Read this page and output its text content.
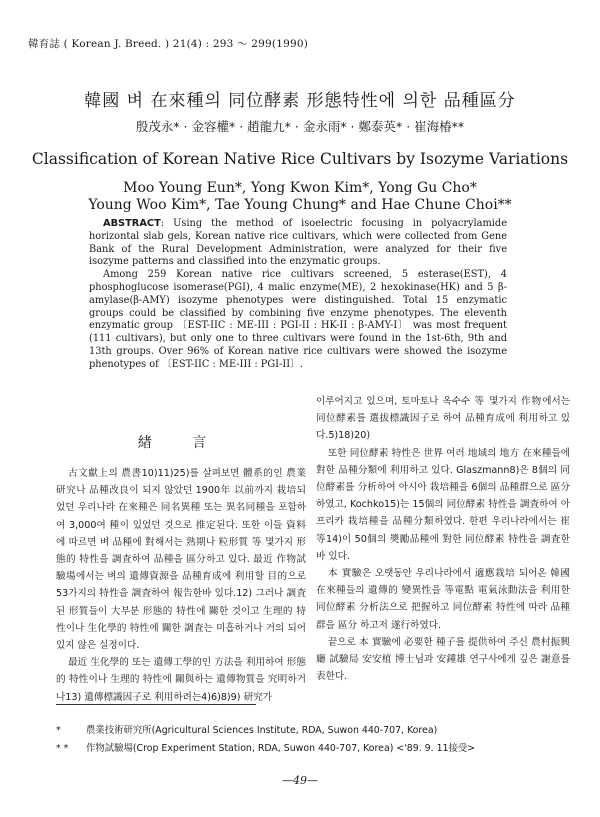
韓育誌 ( Korean J. Breed. ) 21(4) : 293 ～ 299(1990)
韓國 벼 在來種의 同位酵素 形態特性에 의한 品種區分
殷茂永* · 金容權* · 趙龍九* · 金永雨* · 鄭泰英* · 崔海椿**
Classification of Korean Native Rice Cultivars by Isozyme Variations
Moo Young Eun*, Yong Kwon Kim*, Yong Gu Cho*
Young Woo Kim*, Tae Young Chung* and Hae Chune Choi**

ABSTRACT: Using the method of isoelectric focusing in polyacrylamide horizontal slab gels, Korean native rice cultivars, which were collected from Gene Bank of the Rural Development Administration, were analyzed for their five isozyme patterns and classified into the enzymatic groups.

Among 259 Korean native rice cultivars screened, 5 esterase(EST), 4 phosphoglucose isomerase(PGI), 4 malic enzyme(ME), 2 hexokinase(HK) and 5 β-amylase(β-AMY) isozyme phenotypes were distinguished. Total 15 enzymatic groups could be classified by combining five enzyme phenotypes. The eleventh enzymatic group 〔EST-IIC : ME-III : PGI-II : HK-II : β-AMY-I〕 was most frequent (111 cultivars), but only one to three cultivars were found in the 1st-6th, 9th and 13th groups. Over 96% of Korean native rice cultivars were showed the isozyme phenotypes of 〔EST-IIC : ME-III : PGI-II〕.

緖 言

古文獻上의 農書10)11)25)를 살펴보면 體系的인 農業研究나 品種改良이 되지 않았던 1900年 以前까지 栽培되었던 우리나라 在來種은 同名異種 또는 異名同種을 포함하여 3,000여 種이 있었던 것으로 推定된다. 또한 이들 資料에 따르면 벼 品種에 對해서는 熟期나 粒形質 等 몇가지 形態的 特性을 調査하여 品種을 區分하고 있다. 最近 作物試驗場에서는 벼의 遺傳資源을 品種育成에 利用할 目的으로 53가지의 特性을 調査하여 報告한바 있다.12) 그러나 調査된 形質들이 大부분 形態的 特性에 關한 것이고 生理的 特性이나 生化學的 特性에 關한 調査는 미흡하거나 거의 되어 있지 않은 실정이다.

最近 生化學的 또는 遺傳工學的인 方法을 利用하여 形態的 特性이나 生理的 特性에 關與하는 遺傳物質을 究明하거나13) 遺傳標識因子로 利用하려는4)6)8)9) 研究가

이루어지고 있으며, 토마토나 옥수수 等 몇가지 作物에서는 同位酵素를 選拔標識因子로 하여 品種育成에 利用하고 있다.5)18)20)

또한 同位酵素 特性은 世界 여러 地域의 地方 在來種들에 對한 品種分類에 利用하고 있다. Glaszmann8)은 8個의 同位酵素를 分析하여 아시아 栽培種을 6個의 品種群으로 區分하였고, Kochko15)는 15個의 同位酵素 特性을 調査하여 아프리카 栽培種을 品種分類하였다. 한편 우리나라에서는 崔 等14)이 50個의 奬勵品種에 對한 同位酵素 特性을 調査한 바 있다.

本 實驗은 오랫동안 우리나라에서 適應栽培 되어온 韓國 在來種들의 遺傳的 變異性을 等電點 電氣泳動法을 利用한 同位酵素 分析法으로 把握하고 同位酵素 特性에 따라 品種群을 區分 하고저 遂行하였다.

끝으로 本 實驗에 必要한 種子를 提供하여 주신 農村振興廳 試驗局 安安植 博士님과 安鍾雄 연구사에게 깊은 謝意를 表한다.

*	農業技術研究所(Agricultural Sciences Institute, RDA, Suwon 440-707, Korea)
* * 作物試驗場(Crop Experiment Station, RDA, Suwon 440-707, Korea) <'89. 9. 11接受>
—49—
